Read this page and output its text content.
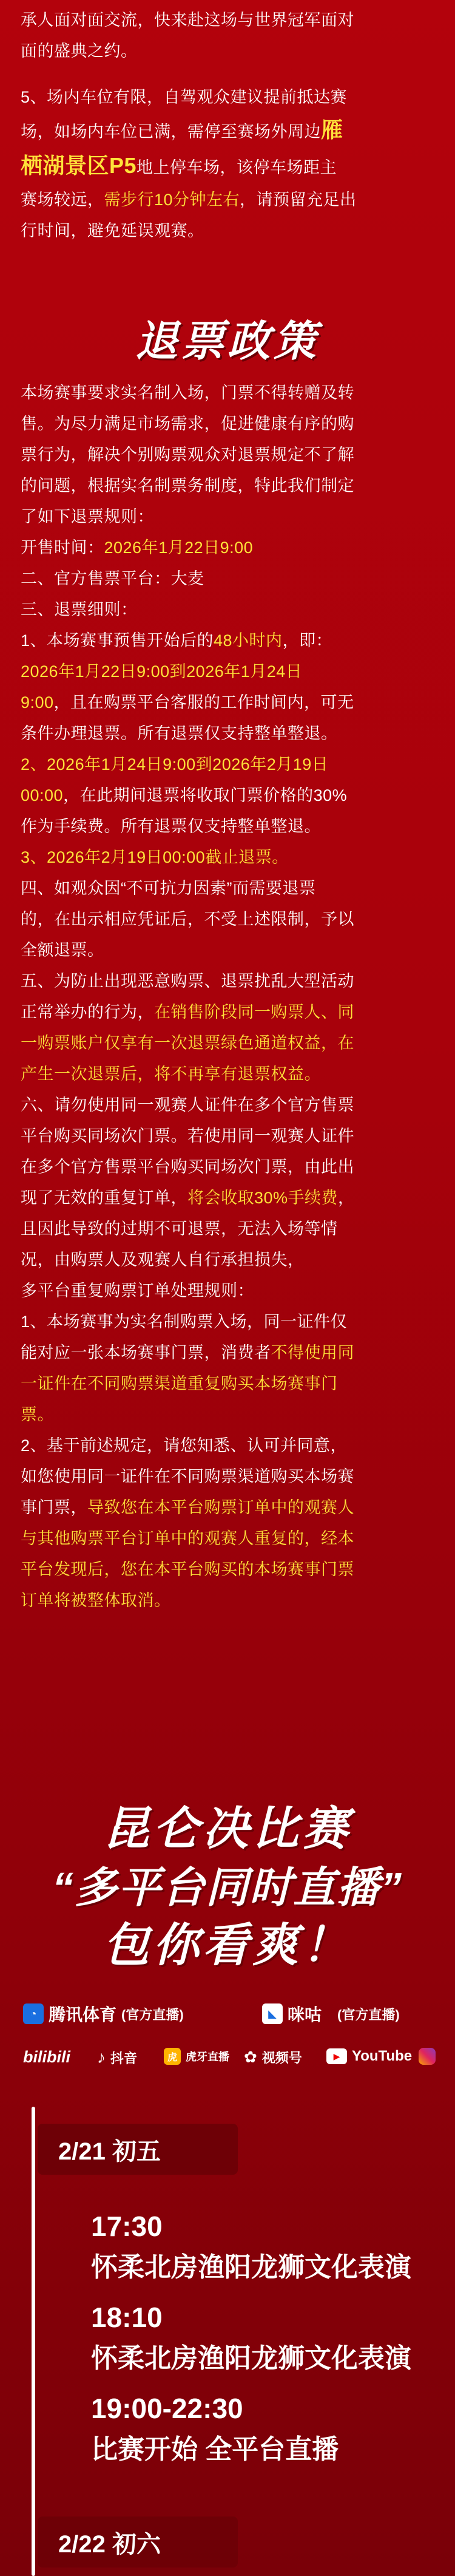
承人面对面交流，快来赴这场与世界冠军面对

面的盛典之约。

5、场内车位有限，自驾观众建议提前抵达赛

场，如场内车位已满，需停至赛场外周边雁

栖湖景区P5地上停车场，该停车场距主

赛场较远，需步行10分钟左右，请预留充足出

行时间，避免延误观赛。

退票政策

本场赛事要求实名制入场，门票不得转赠及转

售。为尽力满足市场需求，促进健康有序的购

票行为，解决个别购票观众对退票规定不了解

的问题，根据实名制票务制度，特此我们制定

了如下退票规则：

开售时间：2026年1月22日9:00

二、官方售票平台：大麦

三、退票细则：

1、本场赛事预售开始后的48小时内，即：

2026年1月22日9:00到2026年1月24日

9:00，且在购票平台客服的工作时间内，可无

条件办理退票。所有退票仅支持整单整退。

2、2026年1月24日9:00到2026年2月19日

00:00，在此期间退票将收取门票价格的30%

作为手续费。所有退票仅支持整单整退。

3、2026年2月19日00:00截止退票。

四、如观众因“不可抗力因素”而需要退票

的，在出示相应凭证后，不受上述限制，予以

全额退票。

五、为防止出现恶意购票、退票扰乱大型活动

正常举办的行为，在销售阶段同一购票人、同

一购票账户仅享有一次退票绿色通道权益，在

产生一次退票后，将不再享有退票权益。

六、请勿使用同一观赛人证件在多个官方售票

平台购买同场次门票。若使用同一观赛人证件

在多个官方售票平台购买同场次门票，由此出

现了无效的重复订单，将会收取30%手续费，

且因此导致的过期不可退票，无法入场等情

况，由购票人及观赛人自行承担损失，

多平台重复购票订单处理规则：

1、本场赛事为实名制购票入场，同一证件仅

能对应一张本场赛事门票，消费者不得使用同

一证件在不同购票渠道重复购买本场赛事门

票。

2、基于前述规定，请您知悉、认可并同意，

如您使用同一证件在不同购票渠道购买本场赛

事门票，导致您在本平台购票订单中的观赛人

与其他购票平台订单中的观赛人重复的，经本

平台发现后，您在本平台购买的本场赛事门票

订单将被整体取消。

昆仑决比赛
“多平台同时直播”
包你看爽！
◔ 腾讯体育 (官方直播)	◣ 咪咕 (官方直播)
bilibili ♪ 抖音	虎 虎牙直播 ✿ 视频号	▶ YouTube
2/21 初五
17:30
怀柔北房渔阳龙狮文化表演
18:10
怀柔北房渔阳龙狮文化表演
19:00-22:30
比赛开始 全平台直播
2/22 初六
